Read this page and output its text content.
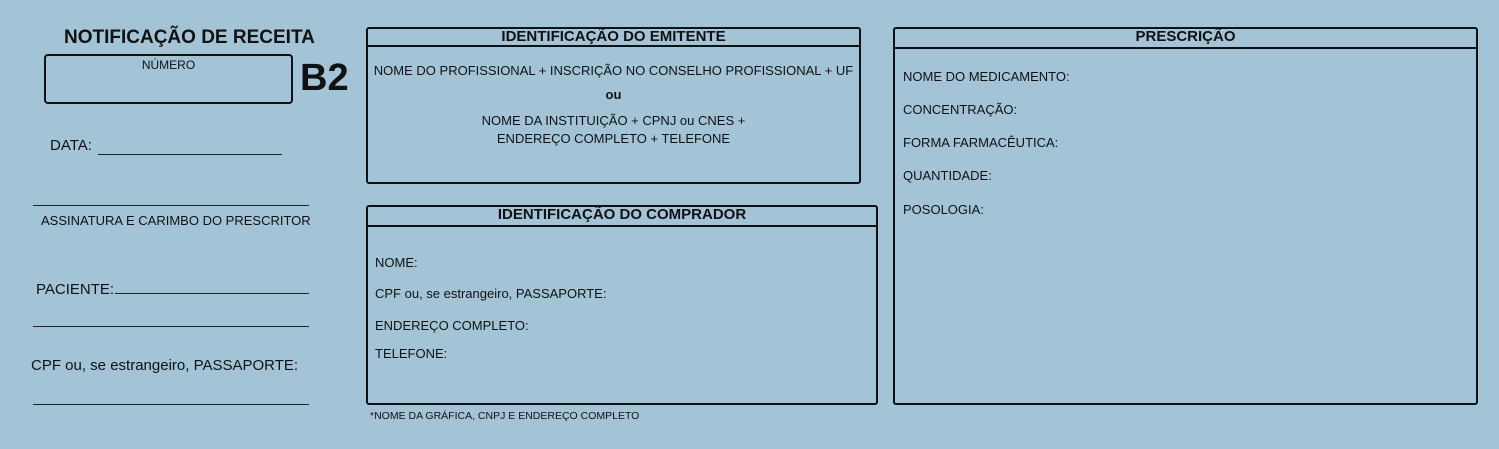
NOTIFICAÇÃO DE RECEITA
NÚMERO	B2
DATA:
ASSINATURA E CARIMBO DO PRESCRITOR
PACIENTE:
CPF ou, se estrangeiro, PASSAPORTE:
IDENTIFICAÇÃO DO EMITENTE
NOME DO PROFISSIONAL + INSCRIÇÃO NO CONSELHO PROFISSIONAL + UF
ou
NOME DA INSTITUIÇÃO + CPNJ ou CNES +
ENDEREÇO COMPLETO + TELEFONE
IDENTIFICAÇÃO DO COMPRADOR
NOME:
CPF ou, se estrangeiro, PASSAPORTE:
ENDEREÇO COMPLETO:
TELEFONE:
*NOME DA GRÁFICA, CNPJ E ENDEREÇO COMPLETO
PRESCRIÇÃO
NOME DO MEDICAMENTO:
CONCENTRAÇÃO:
FORMA FARMACÊUTICA:
QUANTIDADE:
POSOLOGIA:
